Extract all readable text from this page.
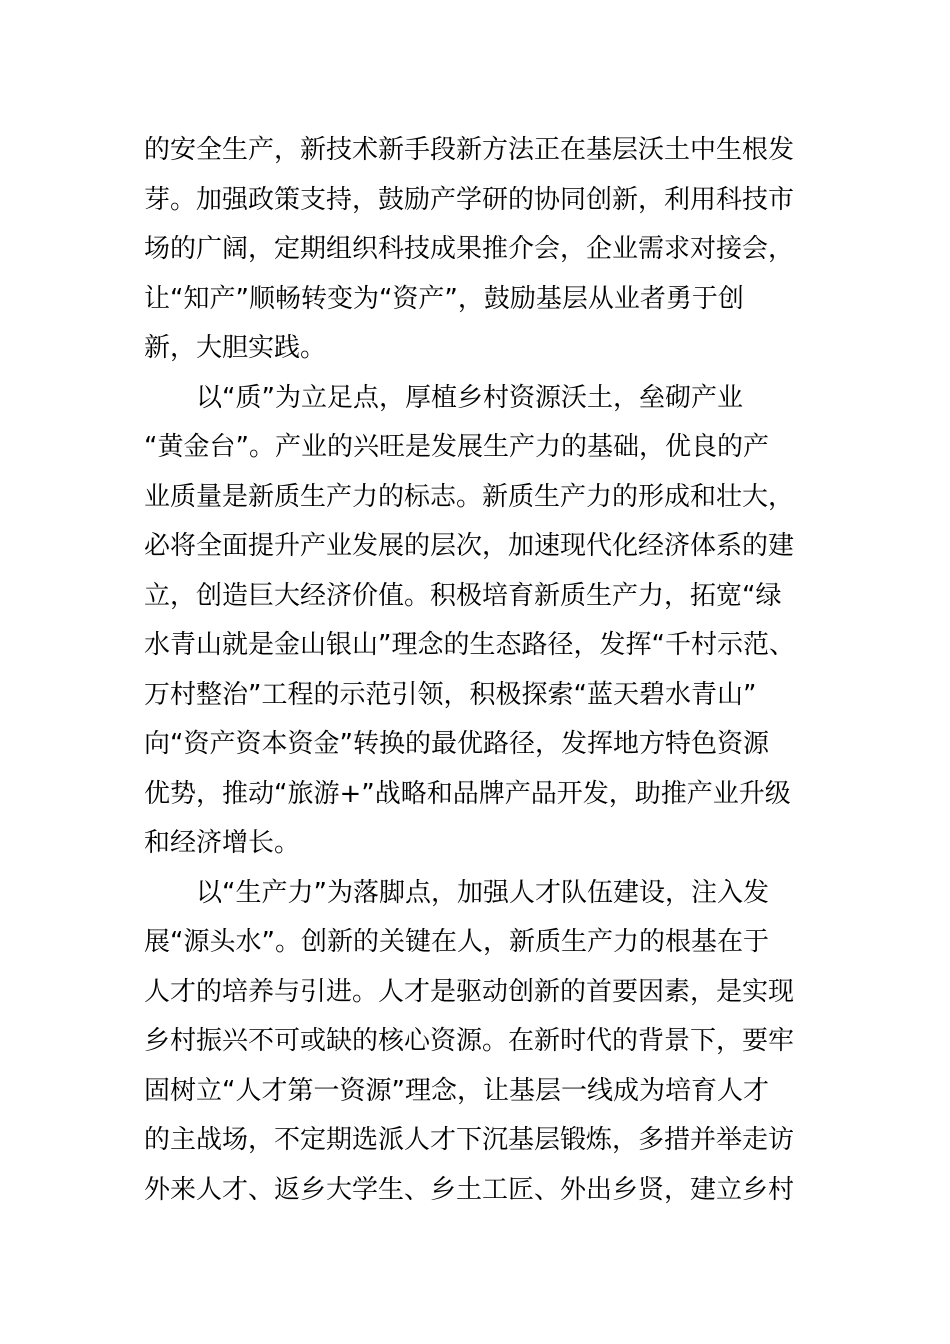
的安全生产，新技术新手段新方法正在基层沃土中生根发
芽。加强政策支持，鼓励产学研的协同创新，利用科技市
场的广阔，定期组织科技成果推介会，企业需求对接会，
让“知产”顺畅转变为“资产”，鼓励基层从业者勇于创
新，大胆实践。
以“质”为立足点，厚植乡村资源沃土，垒砌产业
“黄金台”。产业的兴旺是发展生产力的基础，优良的产
业质量是新质生产力的标志。新质生产力的形成和壮大，
必将全面提升产业发展的层次，加速现代化经济体系的建
立，创造巨大经济价值。积极培育新质生产力，拓宽“绿
水青山就是金山银山”理念的生态路径，发挥“千村示范、
万村整治”工程的示范引领，积极探索“蓝天碧水青山”
向“资产资本资金”转换的最优路径，发挥地方特色资源
优势，推动“旅游+”战略和品牌产品开发，助推产业升级
和经济增长。
以“生产力”为落脚点，加强人才队伍建设，注入发
展“源头水”。创新的关键在人，新质生产力的根基在于
人才的培养与引进。人才是驱动创新的首要因素，是实现
乡村振兴不可或缺的核心资源。在新时代的背景下，要牢
固树立“人才第一资源”理念，让基层一线成为培育人才
的主战场，不定期选派人才下沉基层锻炼，多措并举走访
外来人才、返乡大学生、乡土工匠、外出乡贤，建立乡村
